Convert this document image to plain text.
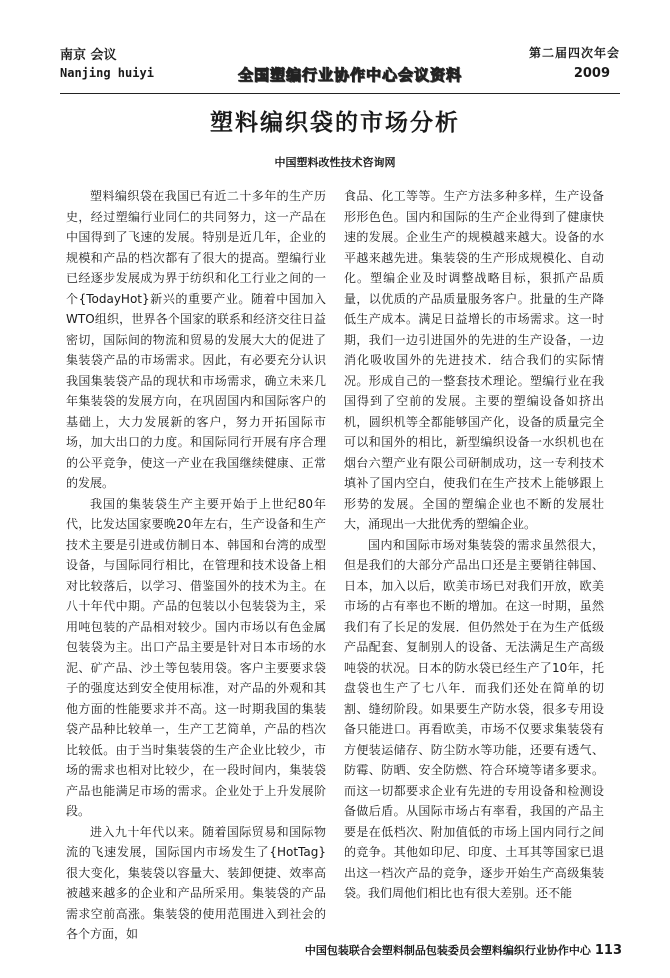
南京 会议
Nanjing huiyi	全国塑编行业协作中心会议资料
第二届四次年会
2009
塑料编织袋的市场分析
中国塑料改性技术咨询网

塑料编织袋在我国已有近二十多年的生产历史，经过塑编行业同仁的共同努力，这一产品在中国得到了飞速的发展。特别是近几年，企业的规模和产品的档次都有了很大的提高。塑编行业已经逐步发展成为界于纺织和化工行业之间的一个{TodayHot}新兴的重要产业。随着中国加入WTO组织，世界各个国家的联系和经济交往日益密切，国际间的物流和贸易的发展大大的促进了集装袋产品的市场需求。因此，有必要充分认识我国集装袋产品的现状和市场需求，确立未来几年集装袋的发展方向，在巩固国内和国际客户的基础上，大力发展新的客户，努力开拓国际市场，加大出口的力度。和国际同行开展有序合理的公平竞争，使这一产业在我国继续健康、正常的发展。

我国的集装袋生产主要开始于上世纪80年代，比发达国家要晚20年左右，生产设备和生产技术主要是引进或仿制日本、韩国和台湾的成型设备，与国际同行相比，在管理和技术设备上相对比较落后，以学习、借鉴国外的技术为主。在八十年代中期。产品的包装以小包装袋为主，采用吨包装的产品相对较少。国内市场以有色金属包装袋为主。出口产品主要是针对日本市场的水泥、矿产品、沙土等包装用袋。客户主要要求袋子的强度达到安全使用标准，对产品的外观和其他方面的性能要求并不高。这一时期我国的集装袋产品种比较单一，生产工艺简单，产品的档次比较低。由于当时集装袋的生产企业比较少，市场的需求也相对比较少，在一段时间内，集装袋产品也能满足市场的需求。企业处于上升发展阶段。

进入九十年代以来。随着国际贸易和国际物流的飞速发展，国际国内市场发生了{HotTag}很大变化，集装袋以容量大、装卸便捷、效率高被越来越多的企业和产品所采用。集装袋的产品需求空前高涨。集装袋的使用范围进入到社会的各个方面，如

食品、化工等等。生产方法多种多样，生产设备形形色色。国内和国际的生产企业得到了健康快速的发展。企业生产的规模越来越大。设备的水平越来越先进。集装袋的生产形成规模化、自动化。塑编企业及时调整战略目标，狠抓产品质量，以优质的产品质量服务客户。批量的生产降低生产成本。满足日益增长的市场需求。这一时期，我们一边引进国外的先进的生产设备，一边消化吸收国外的先进技术．结合我们的实际情况。形成自己的一整套技术理论。塑编行业在我国得到了空前的发展。主要的塑编设备如挤出机，圆织机等全都能够国产化，设备的质量完全可以和国外的相比，新型编织设备一水织机也在烟台六塑产业有限公司研制成功，这一专利技术填补了国内空白，使我们在生产技术上能够跟上形势的发展。全国的塑编企业也不断的发展壮大，涌现出一大批优秀的塑编企业。

国内和国际市场对集装袋的需求虽然很大，但是我们的大部分产品出口还是主要销往韩国、日本，加入以后，欧美市场已对我们开放，欧美市场的占有率也不断的增加。在这一时期，虽然我们有了长足的发展．但仍然处于在为生产低级产品配套、复制别人的设备、无法满足生产高级吨袋的状况。日本的防水袋已经生产了10年，托盘袋也生产了七八年．而我们还处在简单的切割、缝纫阶段。如果要生产防水袋，很多专用设备只能进口。再看欧美，市场不仅要求集装袋有方便装运储存、防尘防水等功能，还要有透气、防霉、防晒、安全防燃、符合环境等诸多要求。而这一切都要求企业有先进的专用设备和检测设备做后盾。从国际市场占有率看，我国的产品主要是在低档次、附加值低的市场上国内同行之间的竞争。其他如印尼、印度、土耳其等国家已退出这一档次产品的竞争，逐步开始生产高级集装袋。我们周他们相比也有很大差别。还不能

中国包装联合会塑料制品包装委员会塑料编织行业协作中心 113
